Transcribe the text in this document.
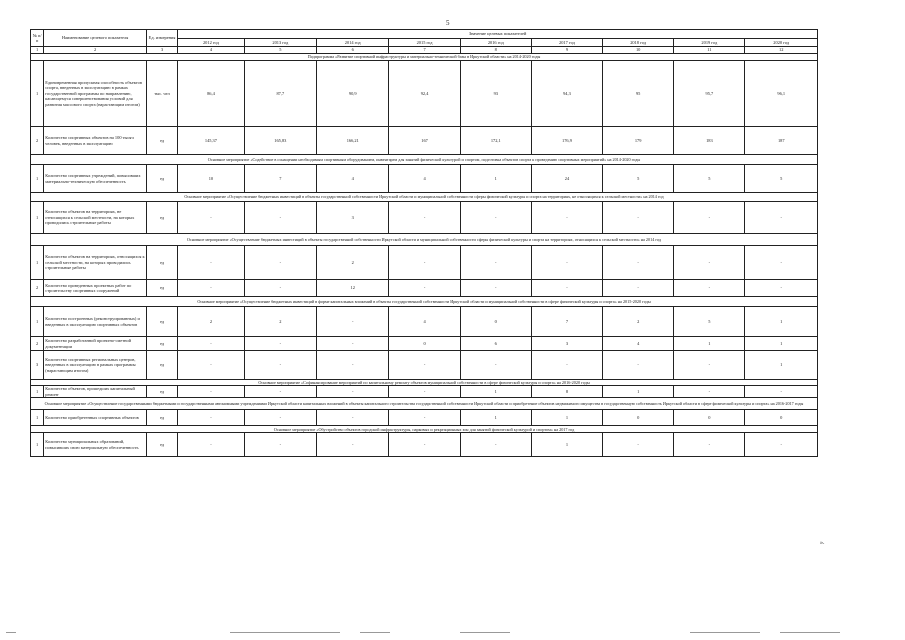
5
№ п/п	Наименование целевого показателя	Ед. измерения	Значение целевых показателей								
			2012 год	2013 год	2014 год	2015 год	2016 год	2017 год	2018 год	2019 год	2020 год
1	2	3	4	5	6	7	8	9	10	11	12
Подпрограмма «Развитие спортивной инфраструктуры и материально-технической базы в Иркутской области» на 2014-2020 годы											
1	Единовременная пропускная способность объектов спорта, введенных в эксплуатацию в рамках государственной программы по направлению, касающемуся совершенствования условий для развития массового спорта (нарастающим итогом)	тыс. чел	86,4	87,7	90,9	92,4	93	94,3	95	95,7	96,1
2	Количество спортивных объектов на 100 тысяч человек, введенных в эксплуатацию	ед	145,37	165,83	166,21	167	172,1	176,9	179	183	187
Основное мероприятие «Содействие в оснащении необходимым спортивным оборудованием, инвентарем для занятий физической культурой и спортом, подготовка объектов спорта к проведению спортивных мероприятий» на 2014-2020 годы											
1	Количество спортивных учреждений, повысивших материально-техническую обеспеченность	ед	10	7	4	4	1	24	5	5	5
Основное мероприятие «Осуществление бюджетных инвестиций в объекты государственной собственности Иркутской области и муниципальной собственности сферы физической культуры и спорта на территориях, не относящихся к сельской местности» на 2014 год											
1	Количество объектов на территориях, не относящихся к сельской местности, на которых проводились строительные работы	ед	-	-	3	-	-	-	-	-	-
Основное мероприятие «Осуществление бюджетных инвестиций в объекты государственной собственности Иркутской области и муниципальной собственности сферы физической культуры и спорта на территориях, относящихся к сельской местности» на 2014 год											
1	Количество объектов на территориях, относящихся к сельской местности, на которых проводились строительные работы	ед	-	-	2	-	-	-	-	-	-
2	Количество проведенных проектных работ по строительству спортивных сооружений	ед	-	-	12	-	-	-	-	-	-
Основное мероприятие «Осуществление бюджетных инвестиций в форме капитальных вложений в объекты государственной собственности Иркутской области и муниципальной собственности в сфере физической культуры и спорта» на 2015-2020 годы											
1	Количество построенных (реконструированных) и введенных в эксплуатацию спортивных объектов	ед	2	2	-	4	0	7	2	5	1
2	Количество разработанной проектно-сметной документации	ед	-	-	-	0	6	3	4	1	1
3	Количество спортивных региональных центров, введенных в эксплуатацию в рамках программы (нарастающим итогом)	ед	-	-	-	-	-	-	-	-	1
Основное мероприятие «Софинансирование мероприятий по капитальному ремонту объектов муниципальной собственности в сфере физической культуры и спорта» на 2016-2020 годы											
1	Количество объектов, прошедших капитальный ремонт	ед	-	-	-	-	1	8	1	-	-
Основное мероприятие «Осуществление государственными бюджетными и государственными автономными учреждениями Иркутской области капитальных вложений в объекты капитального строительства государственной собственности Иркутской области и приобретение объектов недвижимого имущества в государственную собственность Иркутской области в сфере физической культуры и спорта» на 2016-2017 годы											
1	Количество приобретенных спортивных объектов	ед	-	-	-	-	1	1	0	0	0
Основное мероприятие «Обустройство объектов городской инфраструктуры, парковых и рекреационных зон для занятий физической культурой и спортом» на 2017 год											
1	Количество муниципальных образований, повысивших свою материальную обеспеченность	ед	-	-	-	-	-	1	-	-	-
».
